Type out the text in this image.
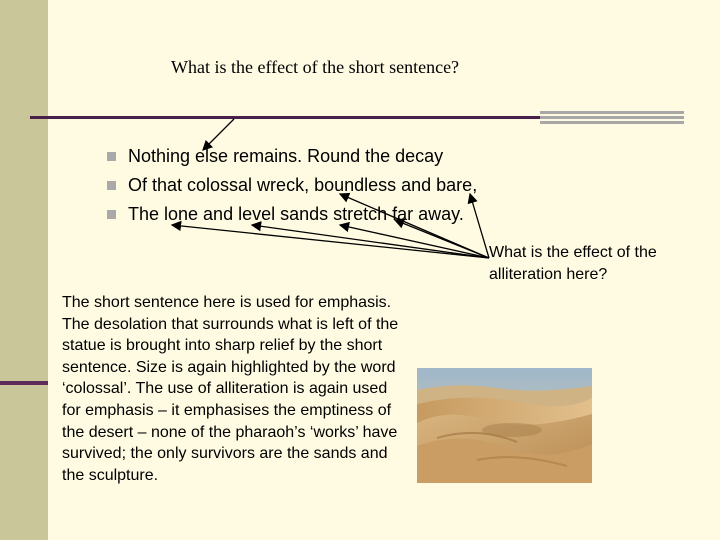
What is the effect of the short sentence?
Nothing else remains. Round the decay
Of that colossal wreck, boundless and bare,
The lone and level sands stretch far away.
What is the effect of the alliteration here?
The short sentence here is used for emphasis. The desolation that surrounds what is left of the statue is brought into sharp relief by the short sentence. Size is again highlighted by the word ‘colossal’. The use of alliteration is again used for emphasis – it emphasises the emptiness of the desert – none of the pharaoh’s ‘works’ have survived; the only survivors are the sands and the sculpture.
